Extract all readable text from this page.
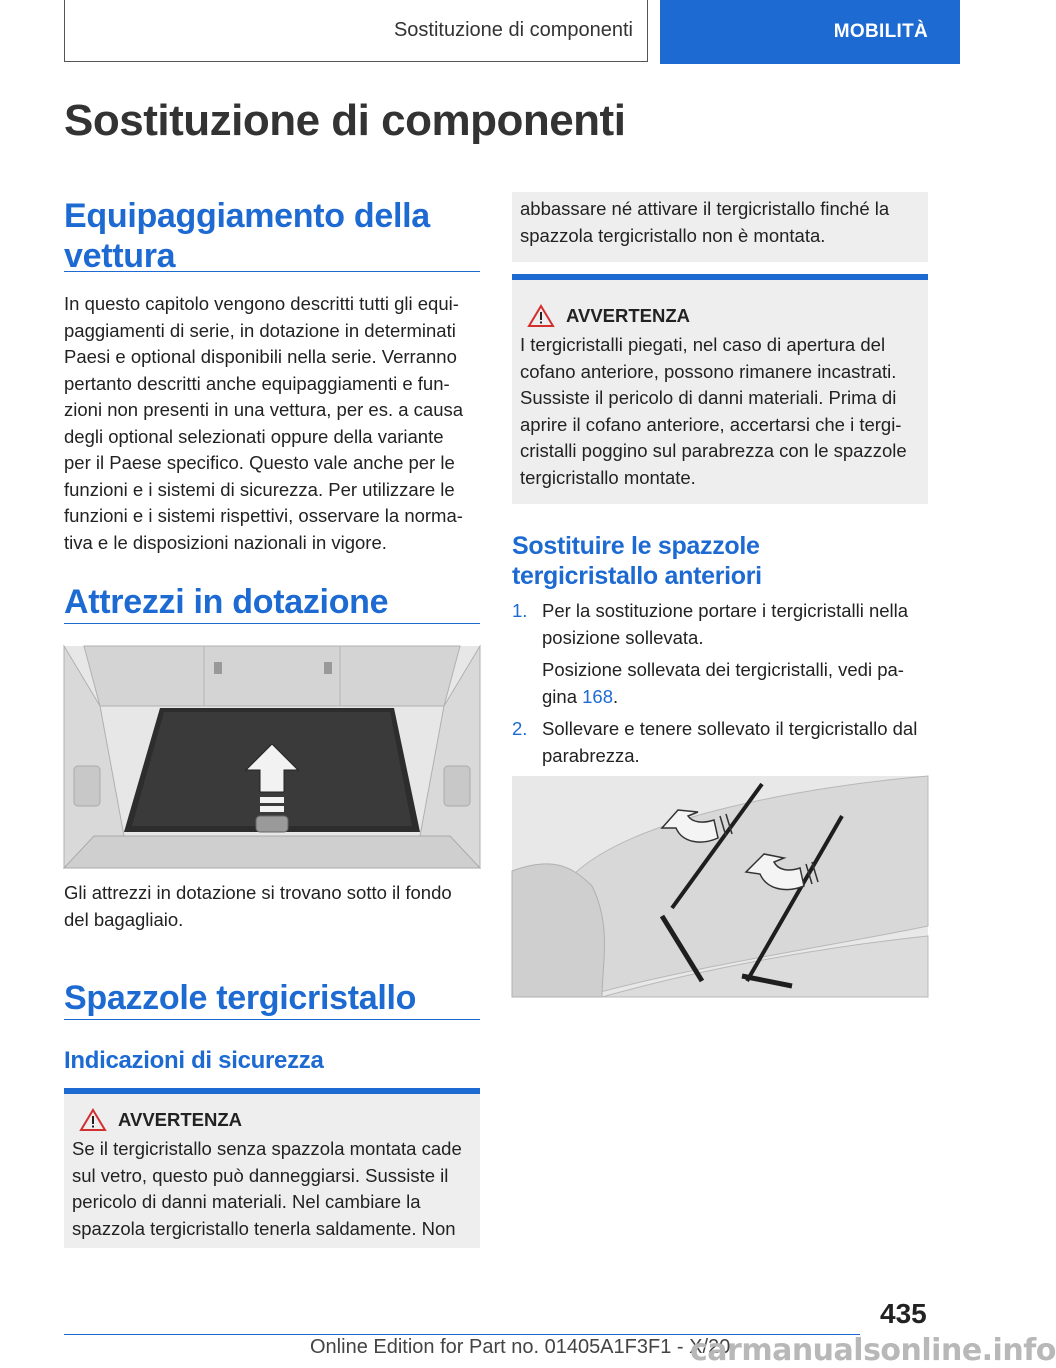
Sostituzione di componenti	MOBILITÀ
Sostituzione di componenti
Equipaggiamento della vettura

In questo capitolo vengono descritti tutti gli equi‐

paggiamenti di serie, in dotazione in determinati

Paesi e optional disponibili nella serie. Verranno

pertanto descritti anche equipaggiamenti e fun‐

zioni non presenti in una vettura, per es. a causa

degli optional selezionati oppure della variante

per il Paese specifico. Questo vale anche per le

funzioni e i sistemi di sicurezza. Per utilizzare le

funzioni e i sistemi rispettivi, osservare la norma‐

tiva e le disposizioni nazionali in vigore.

Attrezzi in dotazione

Gli attrezzi in dotazione si trovano sotto il fondo

del bagagliaio.

Spazzole tergicristallo
Indicazioni di sicurezza
AVVERTENZA

Se il tergicristallo senza spazzola montata cade

sul vetro, questo può danneggiarsi. Sussiste il

pericolo di danni materiali. Nel cambiare la

spazzola tergicristallo tenerla saldamente. Non

abbassare né attivare il tergicristallo finché la

spazzola tergicristallo non è montata.

AVVERTENZA

I tergicristalli piegati, nel caso di apertura del

cofano anteriore, possono rimanere incastrati.

Sussiste il pericolo di danni materiali. Prima di

aprire il cofano anteriore, accertarsi che i tergi‐

cristalli poggino sul parabrezza con le spazzole

tergicristallo montate.

Sostituire le spazzole tergicristallo anteriori
1. Per la sostituzione portare i tergicristalli nella
posizione sollevata.
Posizione sollevata dei tergicristalli, vedi pa‐
gina 168.
2. Sollevare e tenere sollevato il tergicristallo dal
parabrezza.
435
Online Edition for Part no. 01405A1F3F1 - X/20
carmanualsonline.info
